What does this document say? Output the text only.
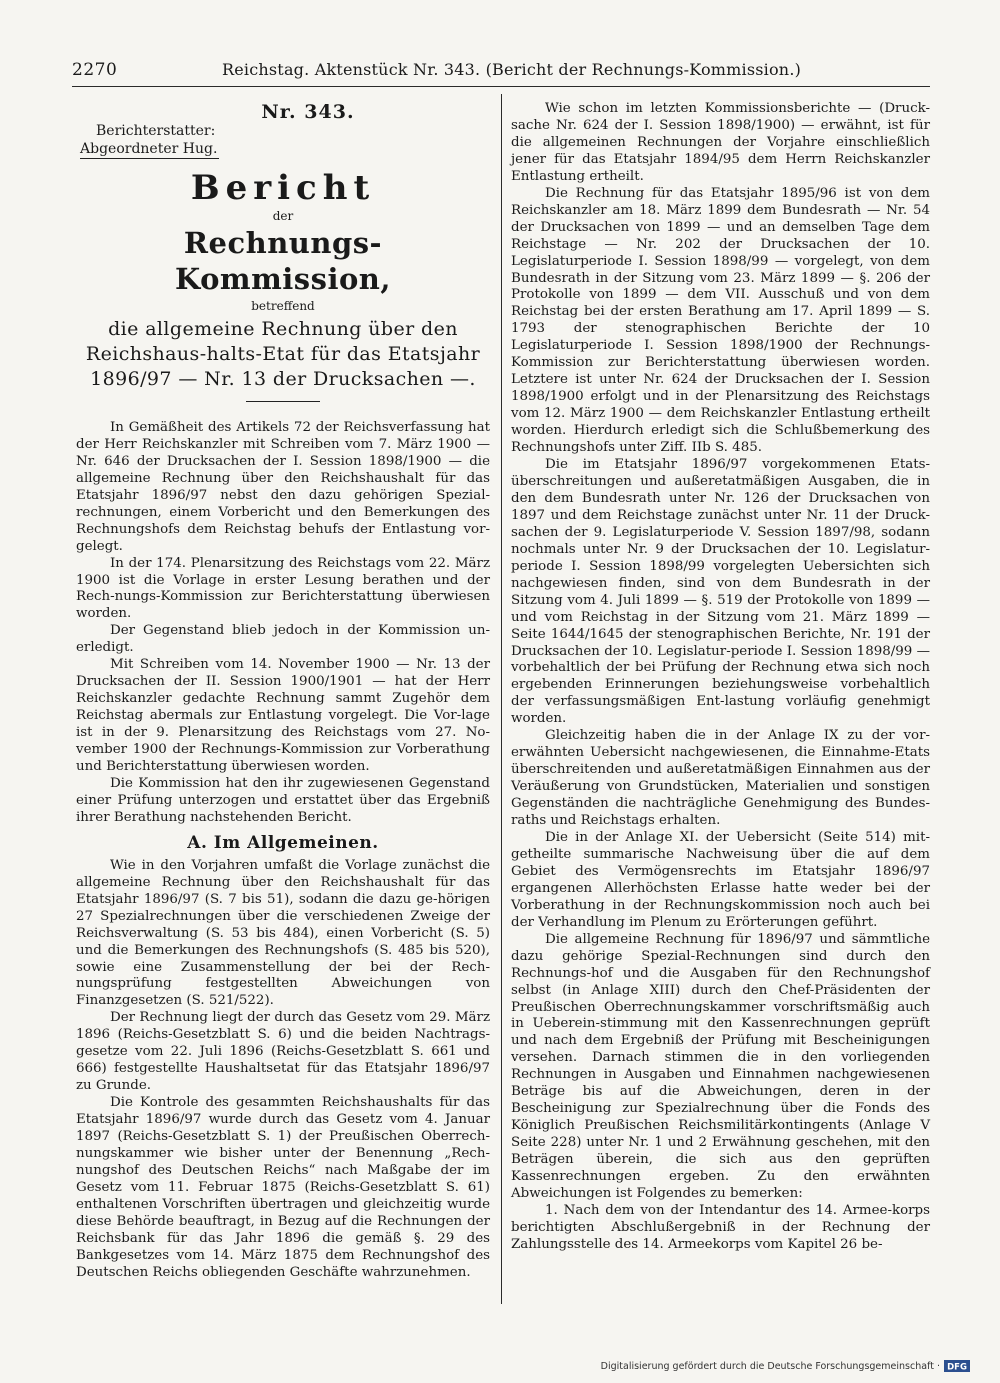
2270	Reichstag. Aktenstück Nr. 343. (Bericht der Rechnungs-Kommission.)
Nr. 343.
Berichterstatter:
Abgeordneter Hug.
Bericht
der
Rechnungs-Kommission,
betreffend
die allgemeine Rechnung über den Reichshaus-halts-Etat für das Etatsjahr 1896/97 — Nr. 13 der Drucksachen —.

In Gemäßheit des Artikels 72 der Reichsverfassung hat der Herr Reichskanzler mit Schreiben vom 7. März 1900 — Nr. 646 der Drucksachen der I. Session 1898/1900 — die allgemeine Rechnung über den Reichshaushalt für das Etatsjahr 1896/97 nebst den dazu gehörigen Spezial-rechnungen, einem Vorbericht und den Bemerkungen des Rechnungshofs dem Reichstag behufs der Entlastung vor-gelegt.

In der 174. Plenarsitzung des Reichstags vom 22. März 1900 ist die Vorlage in erster Lesung berathen und der Rech-nungs-Kommission zur Berichterstattung überwiesen worden.

Der Gegenstand blieb jedoch in der Kommission un-erledigt.

Mit Schreiben vom 14. November 1900 — Nr. 13 der Drucksachen der II. Session 1900/1901 — hat der Herr Reichskanzler gedachte Rechnung sammt Zugehör dem Reichstag abermals zur Entlastung vorgelegt. Die Vor-lage ist in der 9. Plenarsitzung des Reichstags vom 27. No-vember 1900 der Rechnungs-Kommission zur Vorberathung und Berichterstattung überwiesen worden.

Die Kommission hat den ihr zugewiesenen Gegenstand einer Prüfung unterzogen und erstattet über das Ergebniß ihrer Berathung nachstehenden Bericht.

A. Im Allgemeinen.

Wie in den Vorjahren umfaßt die Vorlage zunächst die allgemeine Rechnung über den Reichshaushalt für das Etatsjahr 1896/97 (S. 7 bis 51), sodann die dazu ge-hörigen 27 Spezialrechnungen über die verschiedenen Zweige der Reichsverwaltung (S. 53 bis 484), einen Vorbericht (S. 5) und die Bemerkungen des Rechnungshofs (S. 485 bis 520), sowie eine Zusammenstellung der bei der Rech-nungsprüfung festgestellten Abweichungen von Finanzgesetzen (S. 521/522).

Der Rechnung liegt der durch das Gesetz vom 29. März 1896 (Reichs-Gesetzblatt S. 6) und die beiden Nachtrags-gesetze vom 22. Juli 1896 (Reichs-Gesetzblatt S. 661 und 666) festgestellte Haushaltsetat für das Etatsjahr 1896/97 zu Grunde.

Die Kontrole des gesammten Reichshaushalts für das Etatsjahr 1896/97 wurde durch das Gesetz vom 4. Januar 1897 (Reichs-Gesetzblatt S. 1) der Preußischen Oberrech-nungskammer wie bisher unter der Benennung „Rech-nungshof des Deutschen Reichs“ nach Maßgabe der im Gesetz vom 11. Februar 1875 (Reichs-Gesetzblatt S. 61) enthaltenen Vorschriften übertragen und gleichzeitig wurde diese Behörde beauftragt, in Bezug auf die Rechnungen der Reichsbank für das Jahr 1896 die gemäß §. 29 des Bankgesetzes vom 14. März 1875 dem Rechnungshof des Deutschen Reichs obliegenden Geschäfte wahrzunehmen.

Wie schon im letzten Kommissionsberichte — (Druck-sache Nr. 624 der I. Session 1898/1900) — erwähnt, ist für die allgemeinen Rechnungen der Vorjahre einschließlich jener für das Etatsjahr 1894/95 dem Herrn Reichskanzler Entlastung ertheilt.

Die Rechnung für das Etatsjahr 1895/96 ist von dem Reichskanzler am 18. März 1899 dem Bundesrath — Nr. 54 der Drucksachen von 1899 — und an demselben Tage dem Reichstage — Nr. 202 der Drucksachen der 10. Legislaturperiode I. Session 1898/99 — vorgelegt, von dem Bundesrath in der Sitzung vom 23. März 1899 — §. 206 der Protokolle von 1899 — dem VII. Ausschuß und von dem Reichstag bei der ersten Berathung am 17. April 1899 — S. 1793 der stenographischen Berichte der 10 Legislaturperiode I. Session 1898/1900 der Rechnungs-Kommission zur Berichterstattung überwiesen worden. Letztere ist unter Nr. 624 der Drucksachen der I. Session 1898/1900 erfolgt und in der Plenarsitzung des Reichstags vom 12. März 1900 — dem Reichskanzler Entlastung ertheilt worden. Hierdurch erledigt sich die Schlußbemerkung des Rechnungshofs unter Ziff. IIb S. 485.

Die im Etatsjahr 1896/97 vorgekommenen Etats-überschreitungen und außeretatmäßigen Ausgaben, die in den dem Bundesrath unter Nr. 126 der Drucksachen von 1897 und dem Reichstage zunächst unter Nr. 11 der Druck-sachen der 9. Legislaturperiode V. Session 1897/98, sodann nochmals unter Nr. 9 der Drucksachen der 10. Legislatur-periode I. Session 1898/99 vorgelegten Uebersichten sich nachgewiesen finden, sind von dem Bundesrath in der Sitzung vom 4. Juli 1899 — §. 519 der Protokolle von 1899 — und vom Reichstag in der Sitzung vom 21. März 1899 — Seite 1644/1645 der stenographischen Berichte, Nr. 191 der Drucksachen der 10. Legislatur-periode I. Session 1898/99 — vorbehaltlich der bei Prüfung der Rechnung etwa sich noch ergebenden Erinnerungen beziehungsweise vorbehaltlich der verfassungsmäßigen Ent-lastung vorläufig genehmigt worden.

Gleichzeitig haben die in der Anlage IX zu der vor-erwähnten Uebersicht nachgewiesenen, die Einnahme-Etats überschreitenden und außeretatmäßigen Einnahmen aus der Veräußerung von Grundstücken, Materialien und sonstigen Gegenständen die nachträgliche Genehmigung des Bundes-raths und Reichstags erhalten.

Die in der Anlage XI. der Uebersicht (Seite 514) mit-getheilte summarische Nachweisung über die auf dem Gebiet des Vermögensrechts im Etatsjahr 1896/97 ergangenen Allerhöchsten Erlasse hatte weder bei der Vorberathung in der Rechnungskommission noch auch bei der Verhandlung im Plenum zu Erörterungen geführt.

Die allgemeine Rechnung für 1896/97 und sämmtliche dazu gehörige Spezial-Rechnungen sind durch den Rechnungs-hof und die Ausgaben für den Rechnungshof selbst (in Anlage XIII) durch den Chef-Präsidenten der Preußischen Oberrechnungskammer vorschriftsmäßig auch in Ueberein-stimmung mit den Kassenrechnungen geprüft und nach dem Ergebniß der Prüfung mit Bescheinigungen versehen. Darnach stimmen die in den vorliegenden Rechnungen in Ausgaben und Einnahmen nachgewiesenen Beträge bis auf die Abweichungen, deren in der Bescheinigung zur Spezialrechnung über die Fonds des Königlich Preußischen Reichsmilitärkontingents (Anlage V Seite 228) unter Nr. 1 und 2 Erwähnung geschehen, mit den Beträgen überein, die sich aus den geprüften Kassenrechnungen ergeben. Zu den erwähnten Abweichungen ist Folgendes zu bemerken:

1. Nach dem von der Intendantur des 14. Armee-korps berichtigten Abschlußergebniß in der Rechnung der Zahlungsstelle des 14. Armeekorps vom Kapitel 26 be-

Digitalisierung gefördert durch die Deutsche Forschungsgemeinschaft · DFG
